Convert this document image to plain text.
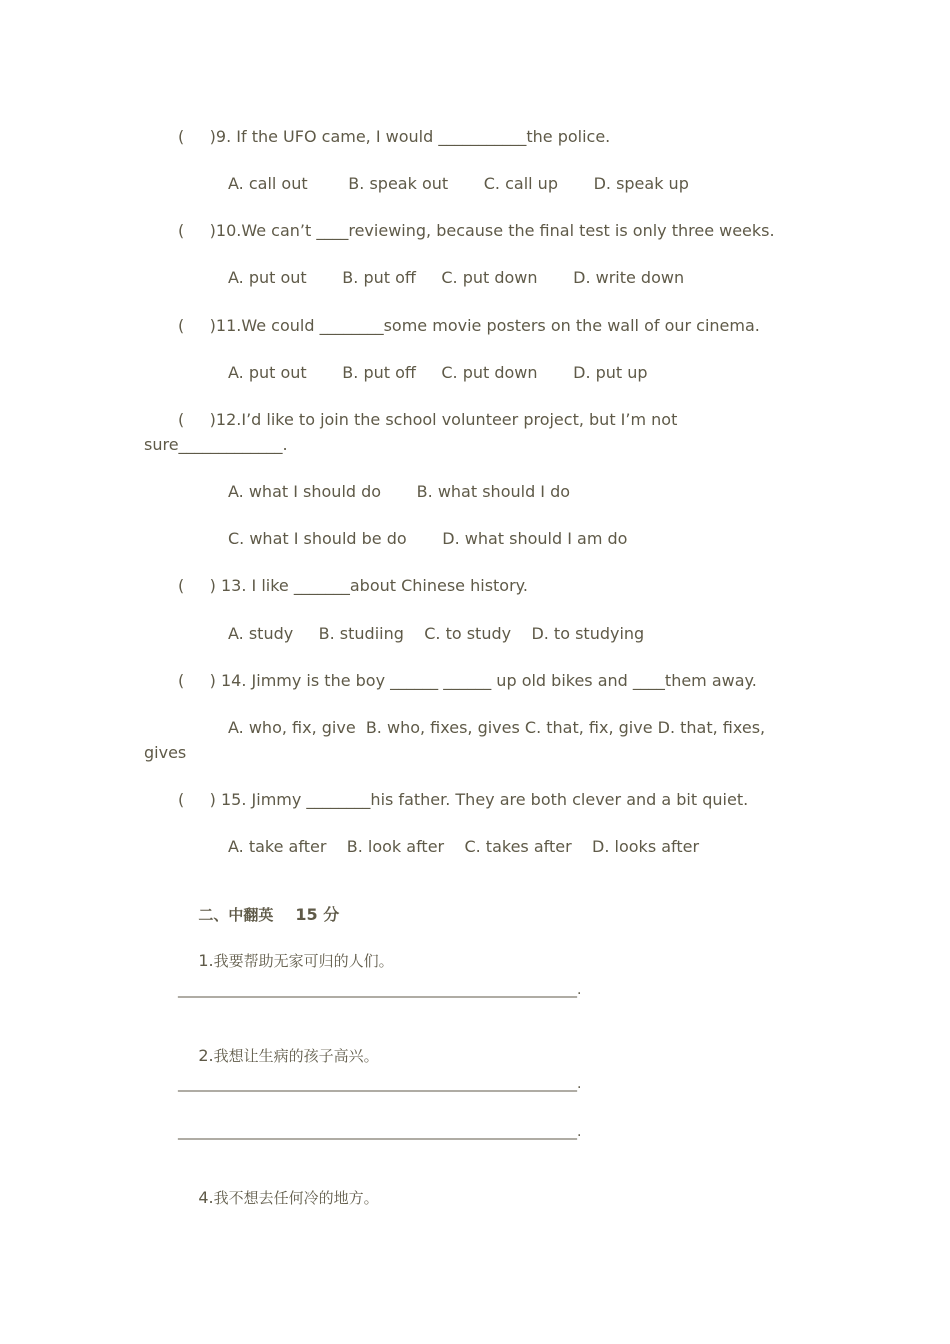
(     )9. If the UFO came, I would ___________the police.
A. call out        B. speak out       C. call up       D. speak up
(     )10.We can’t ____reviewing, because the final test is only three weeks.
A. put out       B. put off     C. put down       D. write down
(     )11.We could ________some movie posters on the wall of our cinema.
A. put out       B. put off     C. put down       D. put up
(     )12.I’d like to join the school volunteer project, but I’m not
sure_____________.
A. what I should do       B. what should I do
C. what I should be do       D. what should I am do
(     ) 13. I like _______about Chinese history.
A. study     B. studiing    C. to study    D. to studying
(     ) 14. Jimmy is the boy ______ ______ up old bikes and ____them away.
A. who, fix, give  B. who, fixes, gives C. that, fix, give D. that, fixes,
gives
(     ) 15. Jimmy ________his father. They are both clever and a bit quiet.
A. take after    B. look after    C. takes after    D. looks after

二、中翻英 15 分

1.我要帮助无家可归的人们。

_________________________________________________________.

2.我想让生病的孩子高兴。

_________________________________________________________.
_________________________________________________________.

4.我不想去任何冷的地方。
